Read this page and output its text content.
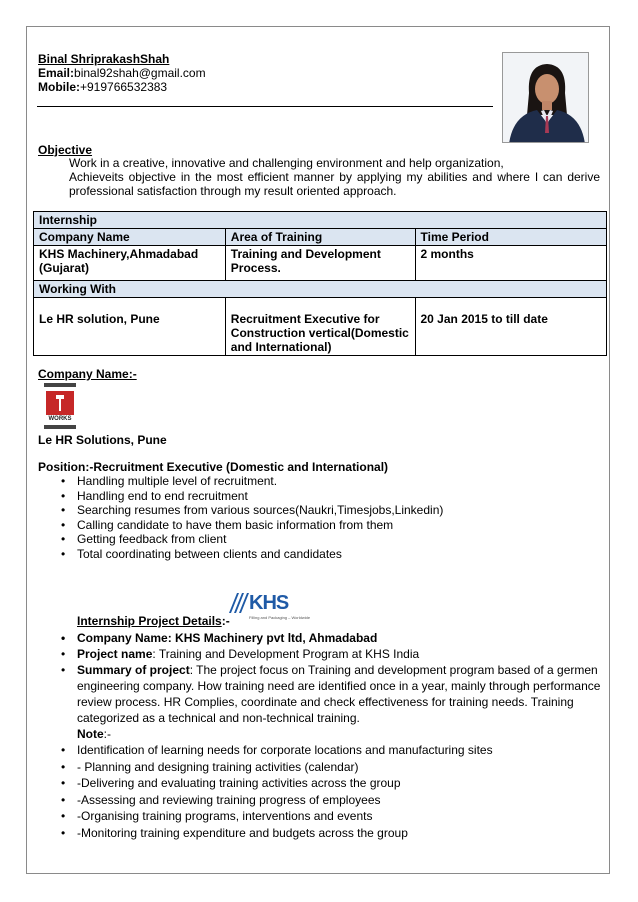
Binal ShriprakashShah
Email:binal92shah@gmail.com
Mobile:+919766532383
Objective

Work in a creative, innovative and challenging environment and help organization,

Achieveits objective in the most efficient manner by applying my abilities and where I can derive professional satisfaction through my result oriented approach.

Internship		
Company Name	Area of Training	Time Period
KHS Machinery,Ahmadabad (Gujarat)	Training and Development Process.	2 months
Working With		
Le HR solution, Pune	Recruitment Executive for Construction vertical(Domestic and International)	20 Jan 2015 to till date
Company Name:-
WORKS
Le HR Solutions, Pune
Position:-Recruitment Executive (Domestic and International)
• Handling multiple level of recruitment.
• Handling end to end recruitment
• Searching resumes from various sources(Naukri,Timesjobs,Linkedin)
• Calling candidate to have them basic information from them
• Getting feedback from client
• Total coordinating between clients and candidates
Internship Project Details:-
KHS
Filling and Packaging – Worldwide
• Company Name: KHS Machinery pvt ltd, Ahmadabad
• Project name: Training and Development Program at KHS India
• Summary of project: The project focus on Training and development program based of a germen engineering company. How training need are identified once in a year, mainly through performance review process. HR Complies, coordinate and check effectiveness for training needs. Training categorized as a technical and non-technical training.
Note:-
• Identification of learning needs for corporate locations and manufacturing sites
• - Planning and designing training activities (calendar)
• -Delivering and evaluating training activities across the group
• -Assessing and reviewing training progress of employees
• -Organising training programs, interventions and events
• -Monitoring training expenditure and budgets across the group
